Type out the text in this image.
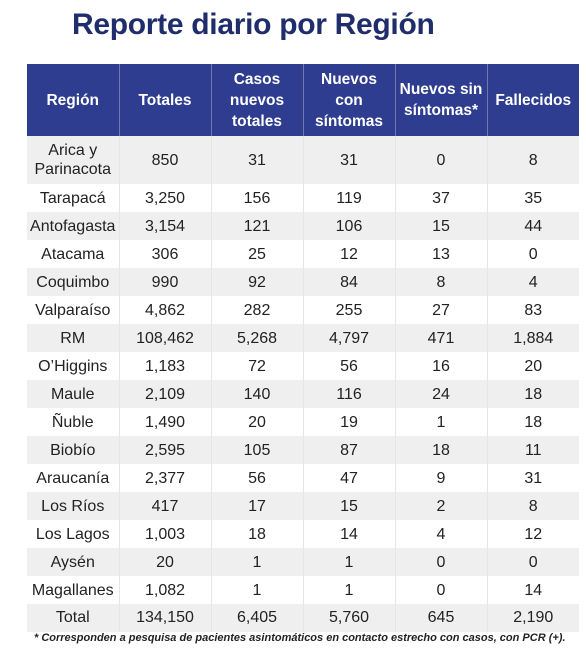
Reporte diario por Región
Región	Totales	Casos nuevos totales	Nuevos con síntomas	Nuevos sin síntomas*	Fallecidos
Arica y Parinacota	850	31	31	0	8
Tarapacá	3,250	156	119	37	35
Antofagasta	3,154	121	106	15	44
Atacama	306	25	12	13	0
Coquimbo	990	92	84	8	4
Valparaíso	4,862	282	255	27	83
RM	108,462	5,268	4,797	471	1,884
O’Higgins	1,183	72	56	16	20
Maule	2,109	140	116	24	18
Ñuble	1,490	20	19	1	18
Biobío	2,595	105	87	18	11
Araucanía	2,377	56	47	9	31
Los Ríos	417	17	15	2	8
Los Lagos	1,003	18	14	4	12
Aysén	20	1	1	0	0
Magallanes	1,082	1	1	0	14
Total	134,150	6,405	5,760	645	2,190
* Corresponden a pesquisa de pacientes asintomáticos en contacto estrecho con casos, con PCR (+).
